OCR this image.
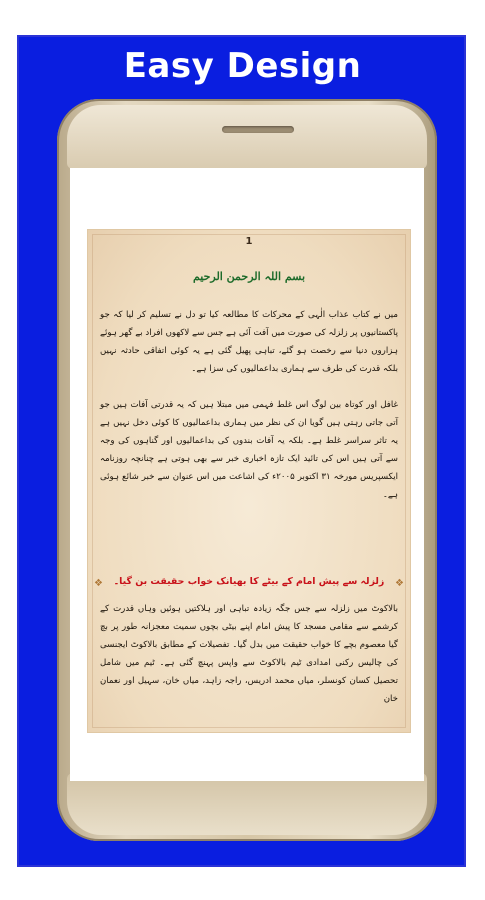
Easy Design
1
بسم اللہ الرحمن الرحیم
میں نے کتاب عذاب الٰہی کے محرکات کا مطالعہ کیا تو دل نے تسلیم کر لیا کہ جو پاکستانیوں پر زلزلہ کی صورت میں آفت آئی ہے جس سے لاکھوں افراد بے گھر ہوئے ہزاروں دنیا سے رخصت ہو گئے، تباہی پھیل گئی ہے یہ کوئی اتفاقی حادثہ نہیں بلکہ قدرت کی طرف سے ہماری بداعمالیوں کی سزا ہے۔
غافل اور کوتاہ بین لوگ اس غلط فہمی میں مبتلا ہیں کہ یہ قدرتی آفات ہیں جو آتی جاتی رہتی ہیں گویا ان کی نظر میں ہماری بداعمالیوں کا کوئی دخل نہیں ہے یہ تاثر سراسر غلط ہے۔ بلکہ یہ آفات بندوں کی بداعمالیوں اور گناہوں کی وجہ سے آتی ہیں اس کی تائید ایک تازہ اخباری خبر سے بھی ہوتی ہے چنانچہ روزنامہ ایکسپریس مورخہ ۳۱ اکتوبر ۲۰۰۵ء کی اشاعت میں اس عنوان سے خبر شائع ہوئی ہے۔
❖ زلزلہ سے پیش امام کے بیٹے کا بھیانک خواب حقیقت بن گیا۔ ❖
بالاکوٹ میں زلزلہ سے جس جگہ زیادہ تباہی اور ہلاکتیں ہوئیں وہاں قدرت کے کرشمے سے مقامی مسجد کا پیش امام اپنے بیٹی بچوں سمیت معجزانہ طور پر بچ گیا معصوم بچے کا خواب حقیقت میں بدل گیا۔ تفصیلات کے مطابق بالاکوٹ ایجنسی کی چالیس رکنی امدادی ٹیم بالاکوٹ سے واپس پہنچ گئی ہے۔ ٹیم میں شامل تحصیل کسان کونسلر، میاں محمد ادریس، راجہ زاہد، میاں خان، سہیل اور نعمان خان
